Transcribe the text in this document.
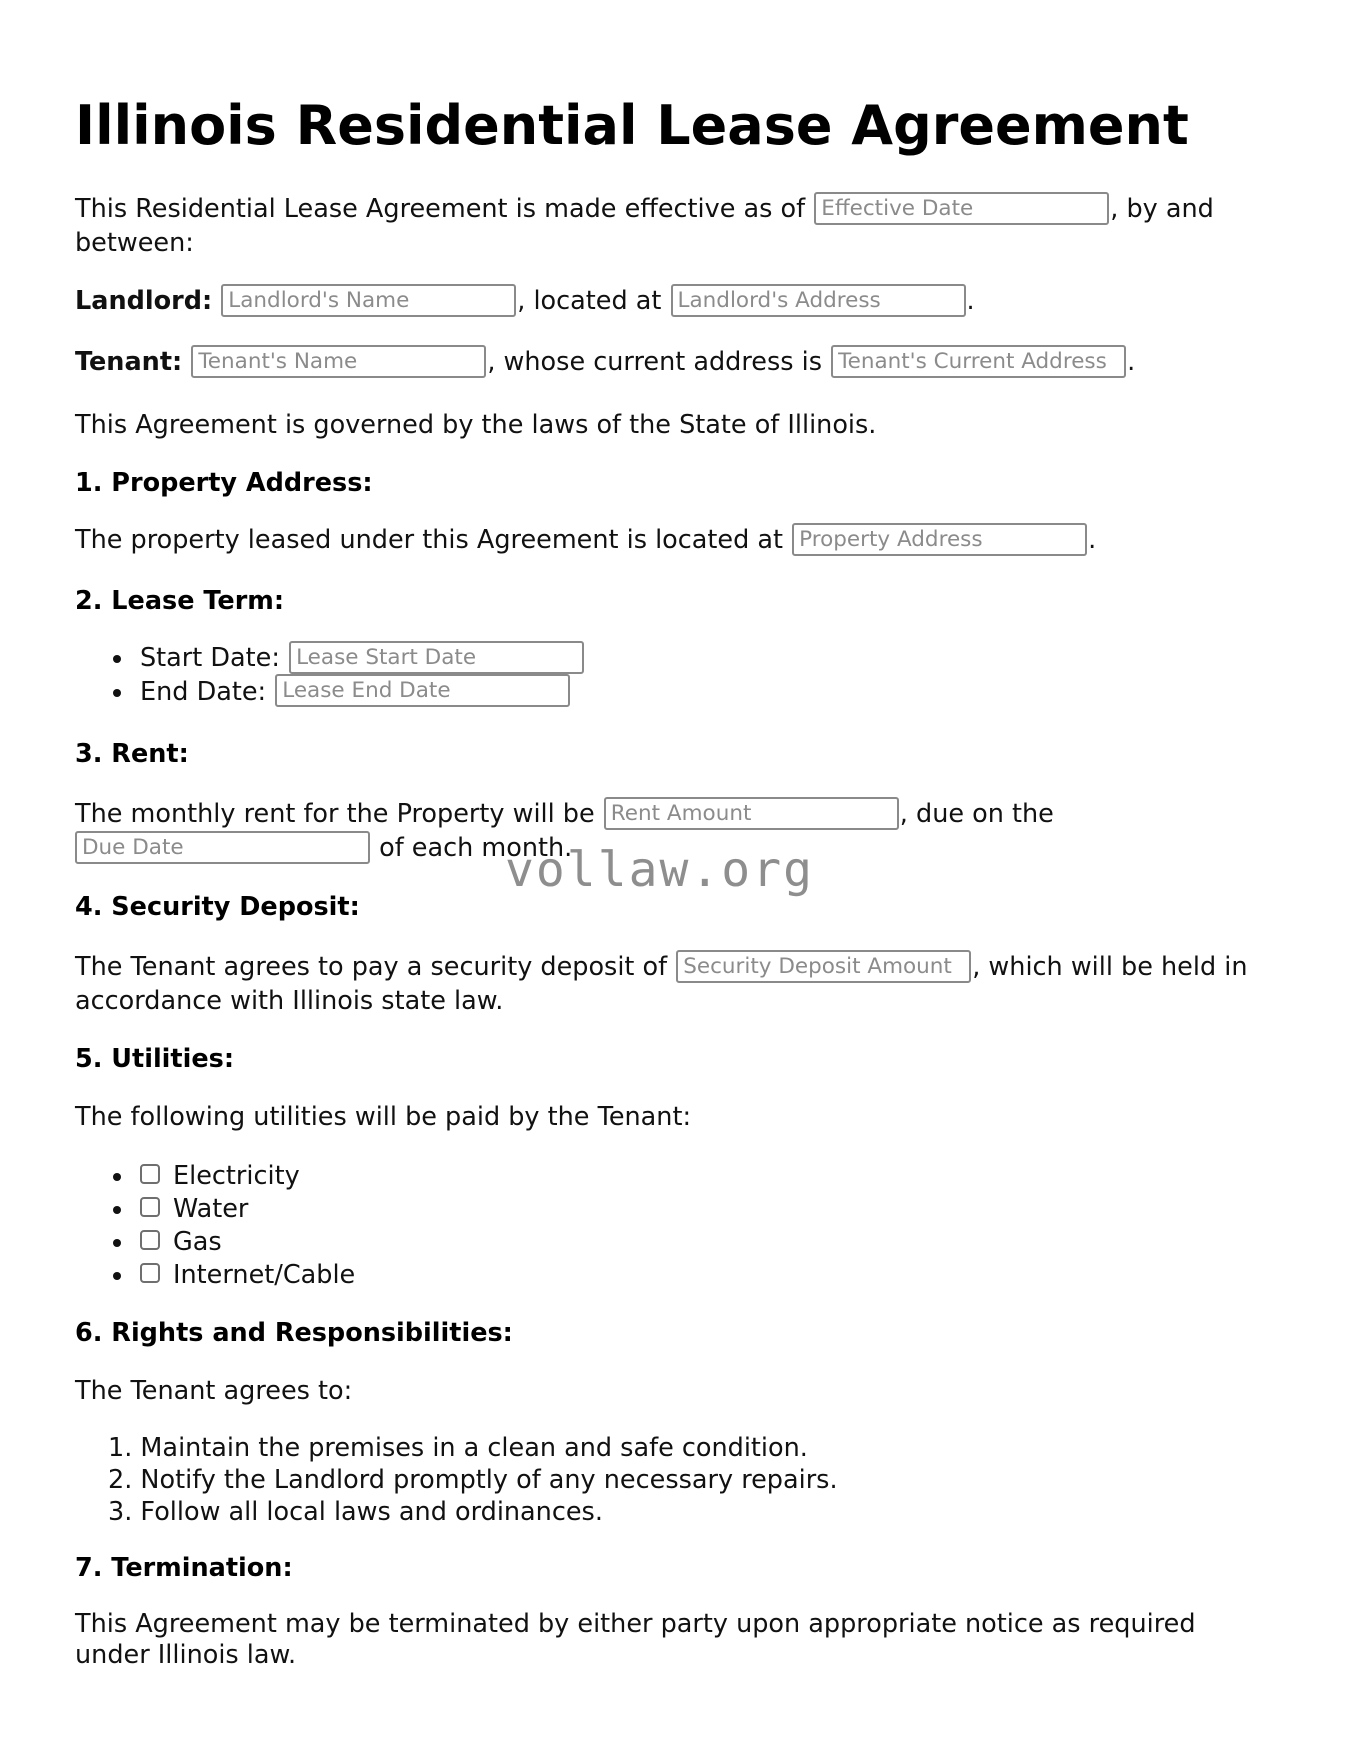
Illinois Residential Lease Agreement

This Residential Lease Agreement is made effective as of Effective Date	, by and

between:

Landlord: Landlord's Name	, located at Landlord's Address	.

Tenant: Tenant's Name	, whose current address is Tenant's Current Address	.

This Agreement is governed by the laws of the State of Illinois.

1. Property Address:

The property leased under this Agreement is located at Property Address	.

2. Lease Term:
Start Date: Lease Start Date
End Date: Lease End Date
3. Rent:

The monthly rent for the Property will be Rent Amount	, due on the

Due Date of each month.

4. Security Deposit:

The Tenant agrees to pay a security deposit of Security Deposit Amount	, which will be held in

accordance with Illinois state law.

5. Utilities:

The following utilities will be paid by the Tenant:

Electricity
Water
Gas
Internet/Cable
6. Rights and Responsibilities:

The Tenant agrees to:

1. Maintain the premises in a clean and safe condition.
2. Notify the Landlord promptly of any necessary repairs.
3. Follow all local laws and ordinances.
7. Termination:

This Agreement may be terminated by either party upon appropriate notice as required

under Illinois law.

vollaw.org
